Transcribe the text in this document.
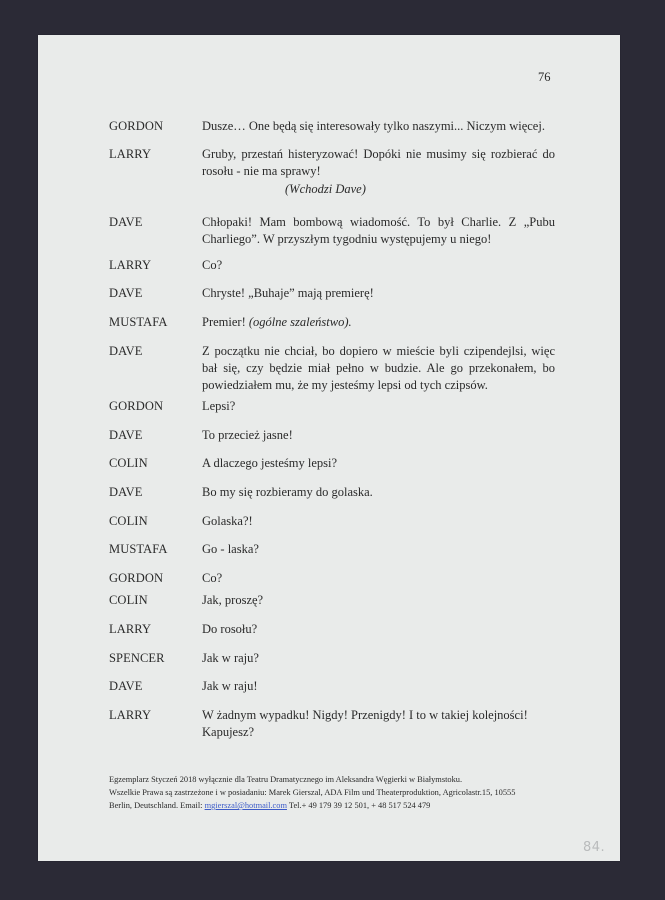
76
GORDON	Dusze… One będą się interesowały tylko naszymi... Niczym więcej.
LARRY	Gruby, przestań histeryzować! Dopóki nie musimy się rozbierać do rosołu - nie ma sprawy!
(Wchodzi Dave)
DAVE	Chłopaki! Mam bombową wiadomość. To był Charlie. Z „Pubu Charliego”. W przyszłym tygodniu występujemy u niego!
LARRY	Co?
DAVE	Chryste! „Buhaje” mają premierę!
MUSTAFA	Premier! (ogólne szaleństwo).
DAVE	Z początku nie chciał, bo dopiero w mieście byli czipendejlsi, więc bał się, czy będzie miał pełno w budzie. Ale go przekonałem, bo powiedziałem mu, że my jesteśmy lepsi od tych czipsów.
GORDON	Lepsi?
DAVE	To przecież jasne!
COLIN	A dlaczego jesteśmy lepsi?
DAVE	Bo my się rozbieramy do golaska.
COLIN	Golaska?!
MUSTAFA	Go - laska?
GORDON	Co?
COLIN	Jak, proszę?
LARRY	Do rosołu?
SPENCER	Jak w raju?
DAVE	Jak w raju!
LARRY	W żadnym wypadku! Nigdy! Przenigdy! I to w takiej kolejności! Kapujesz?
Egzemplarz Styczeń 2018 wyłącznie dla Teatru Dramatycznego im Aleksandra Węgierki w Białymstoku.
Wszelkie Prawa są zastrzeżone i w posiadaniu: Marek Gierszal, ADA Film und Theaterproduktion, Agricolastr.15, 10555
Berlin, Deutschland. Email: mgierszal@hotmail.com Tel.+ 49 179 39 12 501, + 48 517 524 479
84.
